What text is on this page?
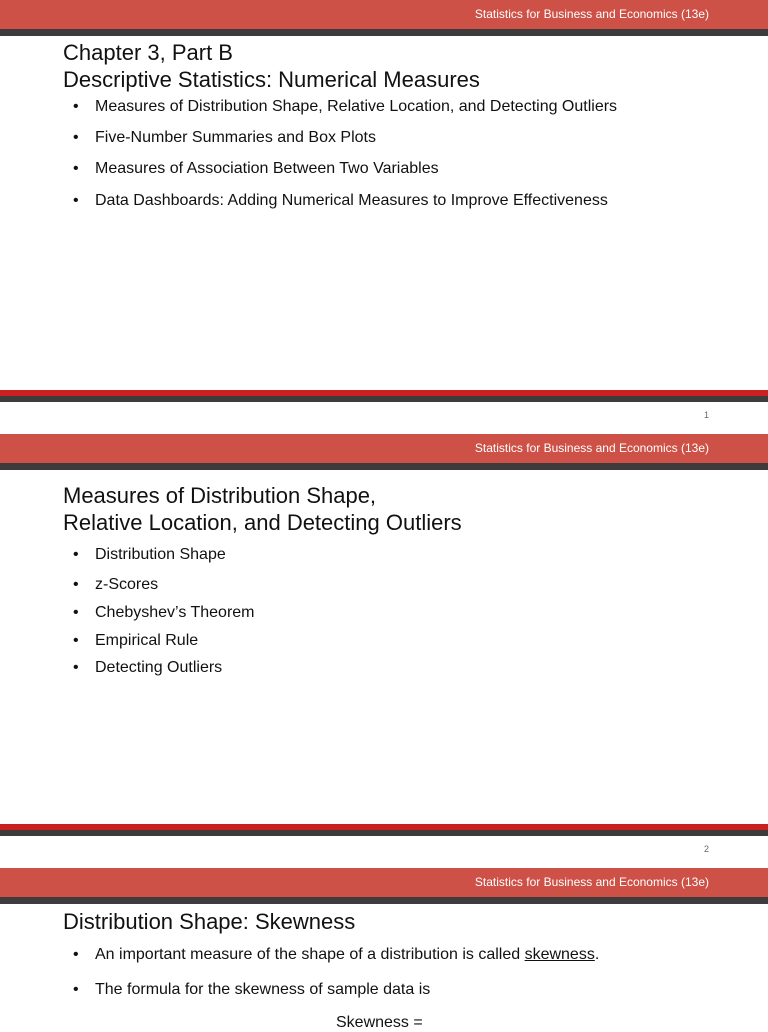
Statistics for Business and Economics (13e)
Chapter 3, Part B
Descriptive Statistics: Numerical Measures
• Measures of Distribution Shape, Relative Location, and Detecting Outliers
• Five-Number Summaries and Box Plots
• Measures of Association Between Two Variables
• Data Dashboards: Adding Numerical Measures to Improve Effectiveness
1
Statistics for Business and Economics (13e)
Measures of Distribution Shape,
Relative Location, and Detecting Outliers
• Distribution Shape
• z-Scores
• Chebyshev’s Theorem
• Empirical Rule
• Detecting Outliers
2
Statistics for Business and Economics (13e)
Distribution Shape: Skewness
• An important measure of the shape of a distribution is called skewness.
• The formula for the skewness of sample data is
Skewness =
